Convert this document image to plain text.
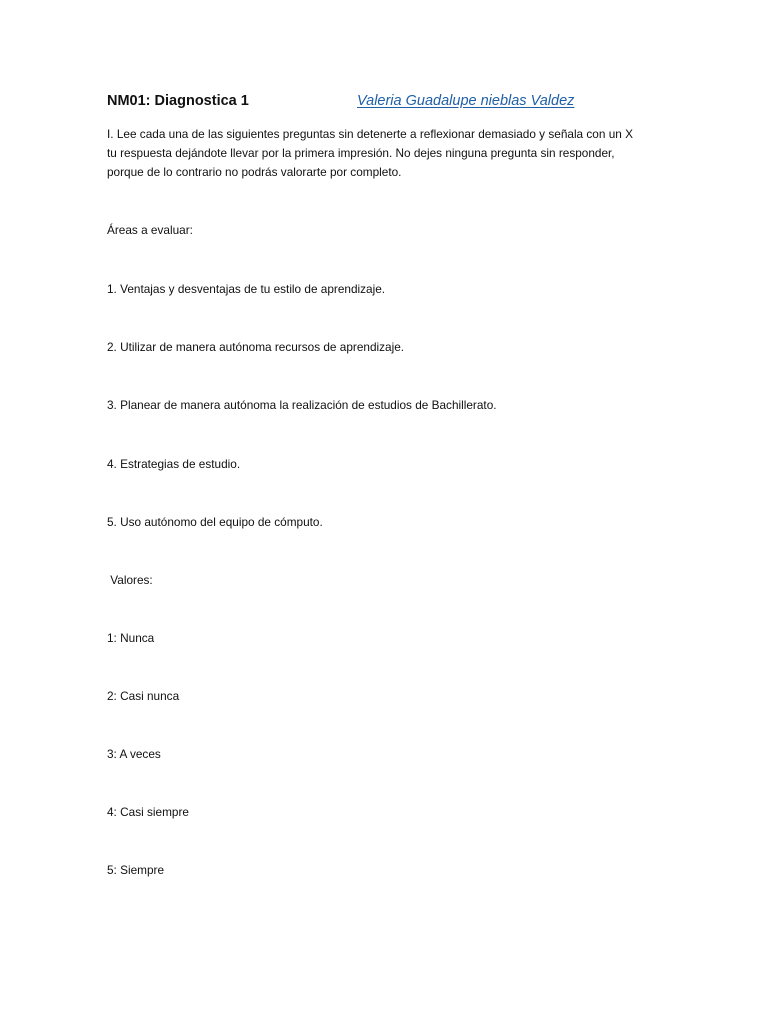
NM01: Diagnostica 1	Valeria Guadalupe nieblas Valdez

I. Lee cada una de las siguientes preguntas sin detenerte a reflexionar demasiado y señala con un X
tu respuesta dejándote llevar por la primera impresión. No dejes ninguna pregunta sin responder,
porque de lo contrario no podrás valorarte por completo.

Áreas a evaluar:

1. Ventajas y desventajas de tu estilo de aprendizaje.

2. Utilizar de manera autónoma recursos de aprendizaje.

3. Planear de manera autónoma la realización de estudios de Bachillerato.

4. Estrategias de estudio.

5. Uso autónomo del equipo de cómputo.

Valores:

1: Nunca

2: Casi nunca

3: A veces

4: Casi siempre

5: Siempre
